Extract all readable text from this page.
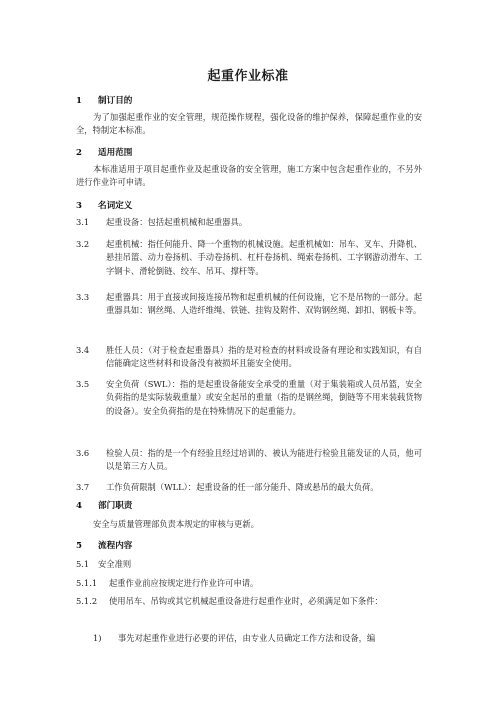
起重作业标准
1 制订目的
为了加强起重作业的安全管理，规范操作规程，强化设备的维护保养，保障起重作业的安全，特制定本标准。
2 适用范围
本标准适用于项目起重作业及起重设备的安全管理，施工方案中包含起重作业的，不另外进行作业许可申请。
3 名词定义
3.1 起重设备：包括起重机械和起重器具。
3.2 起重机械：指任何能升、降一个重物的机械设施。起重机械如：吊车、叉车、升降机、悬挂吊篮、动力卷扬机、手动卷扬机、杠杆卷扬机、绳索卷扬机、工字钢游动滑车、工字钢卡、滑轮倒链、绞车、吊耳、撑杆等。
3.3 起重器具：用于直接或间接连接吊物和起重机械的任何设施，它不是吊物的一部分。起重器具如：钢丝绳、人造纤维绳、铁链、挂钩及附件、双钩钢丝绳、卸扣、钢板卡等。
3.4 胜任人员：（对于检查起重器具）指的是对检查的材料或设备有理论和实践知识，有自信能确定这些材料和设备没有被损坏且能安全使用。
3.5 安全负荷（SWL）：指的是起重设备能安全承受的重量（对于集装箱或人员吊篮，安全负荷指的是实际装载重量）或安全起吊的重量（指的是钢丝绳，倒链等不用来装载货物的设备）。安全负荷指的是在特殊情况下的起重能力。
3.6 检验人员：指的是一个有经验且经过培训的、被认为能进行检验且能发证的人员，他可以是第三方人员。
3.7 工作负荷限制（WLL）：起重设备的任一部分能升、降或悬吊的最大负荷。
4 部门职责
安全与质量管理部负责本规定的审核与更新。
5 流程内容
5.1 安全准则
5.1.1 起重作业前应按规定进行作业许可申请。
5.1.2 使用吊车、吊钩或其它机械起重设备进行起重作业时，必须满足如下条件：
1) 事先对起重作业进行必要的评估，由专业人员确定工作方法和设备，编
